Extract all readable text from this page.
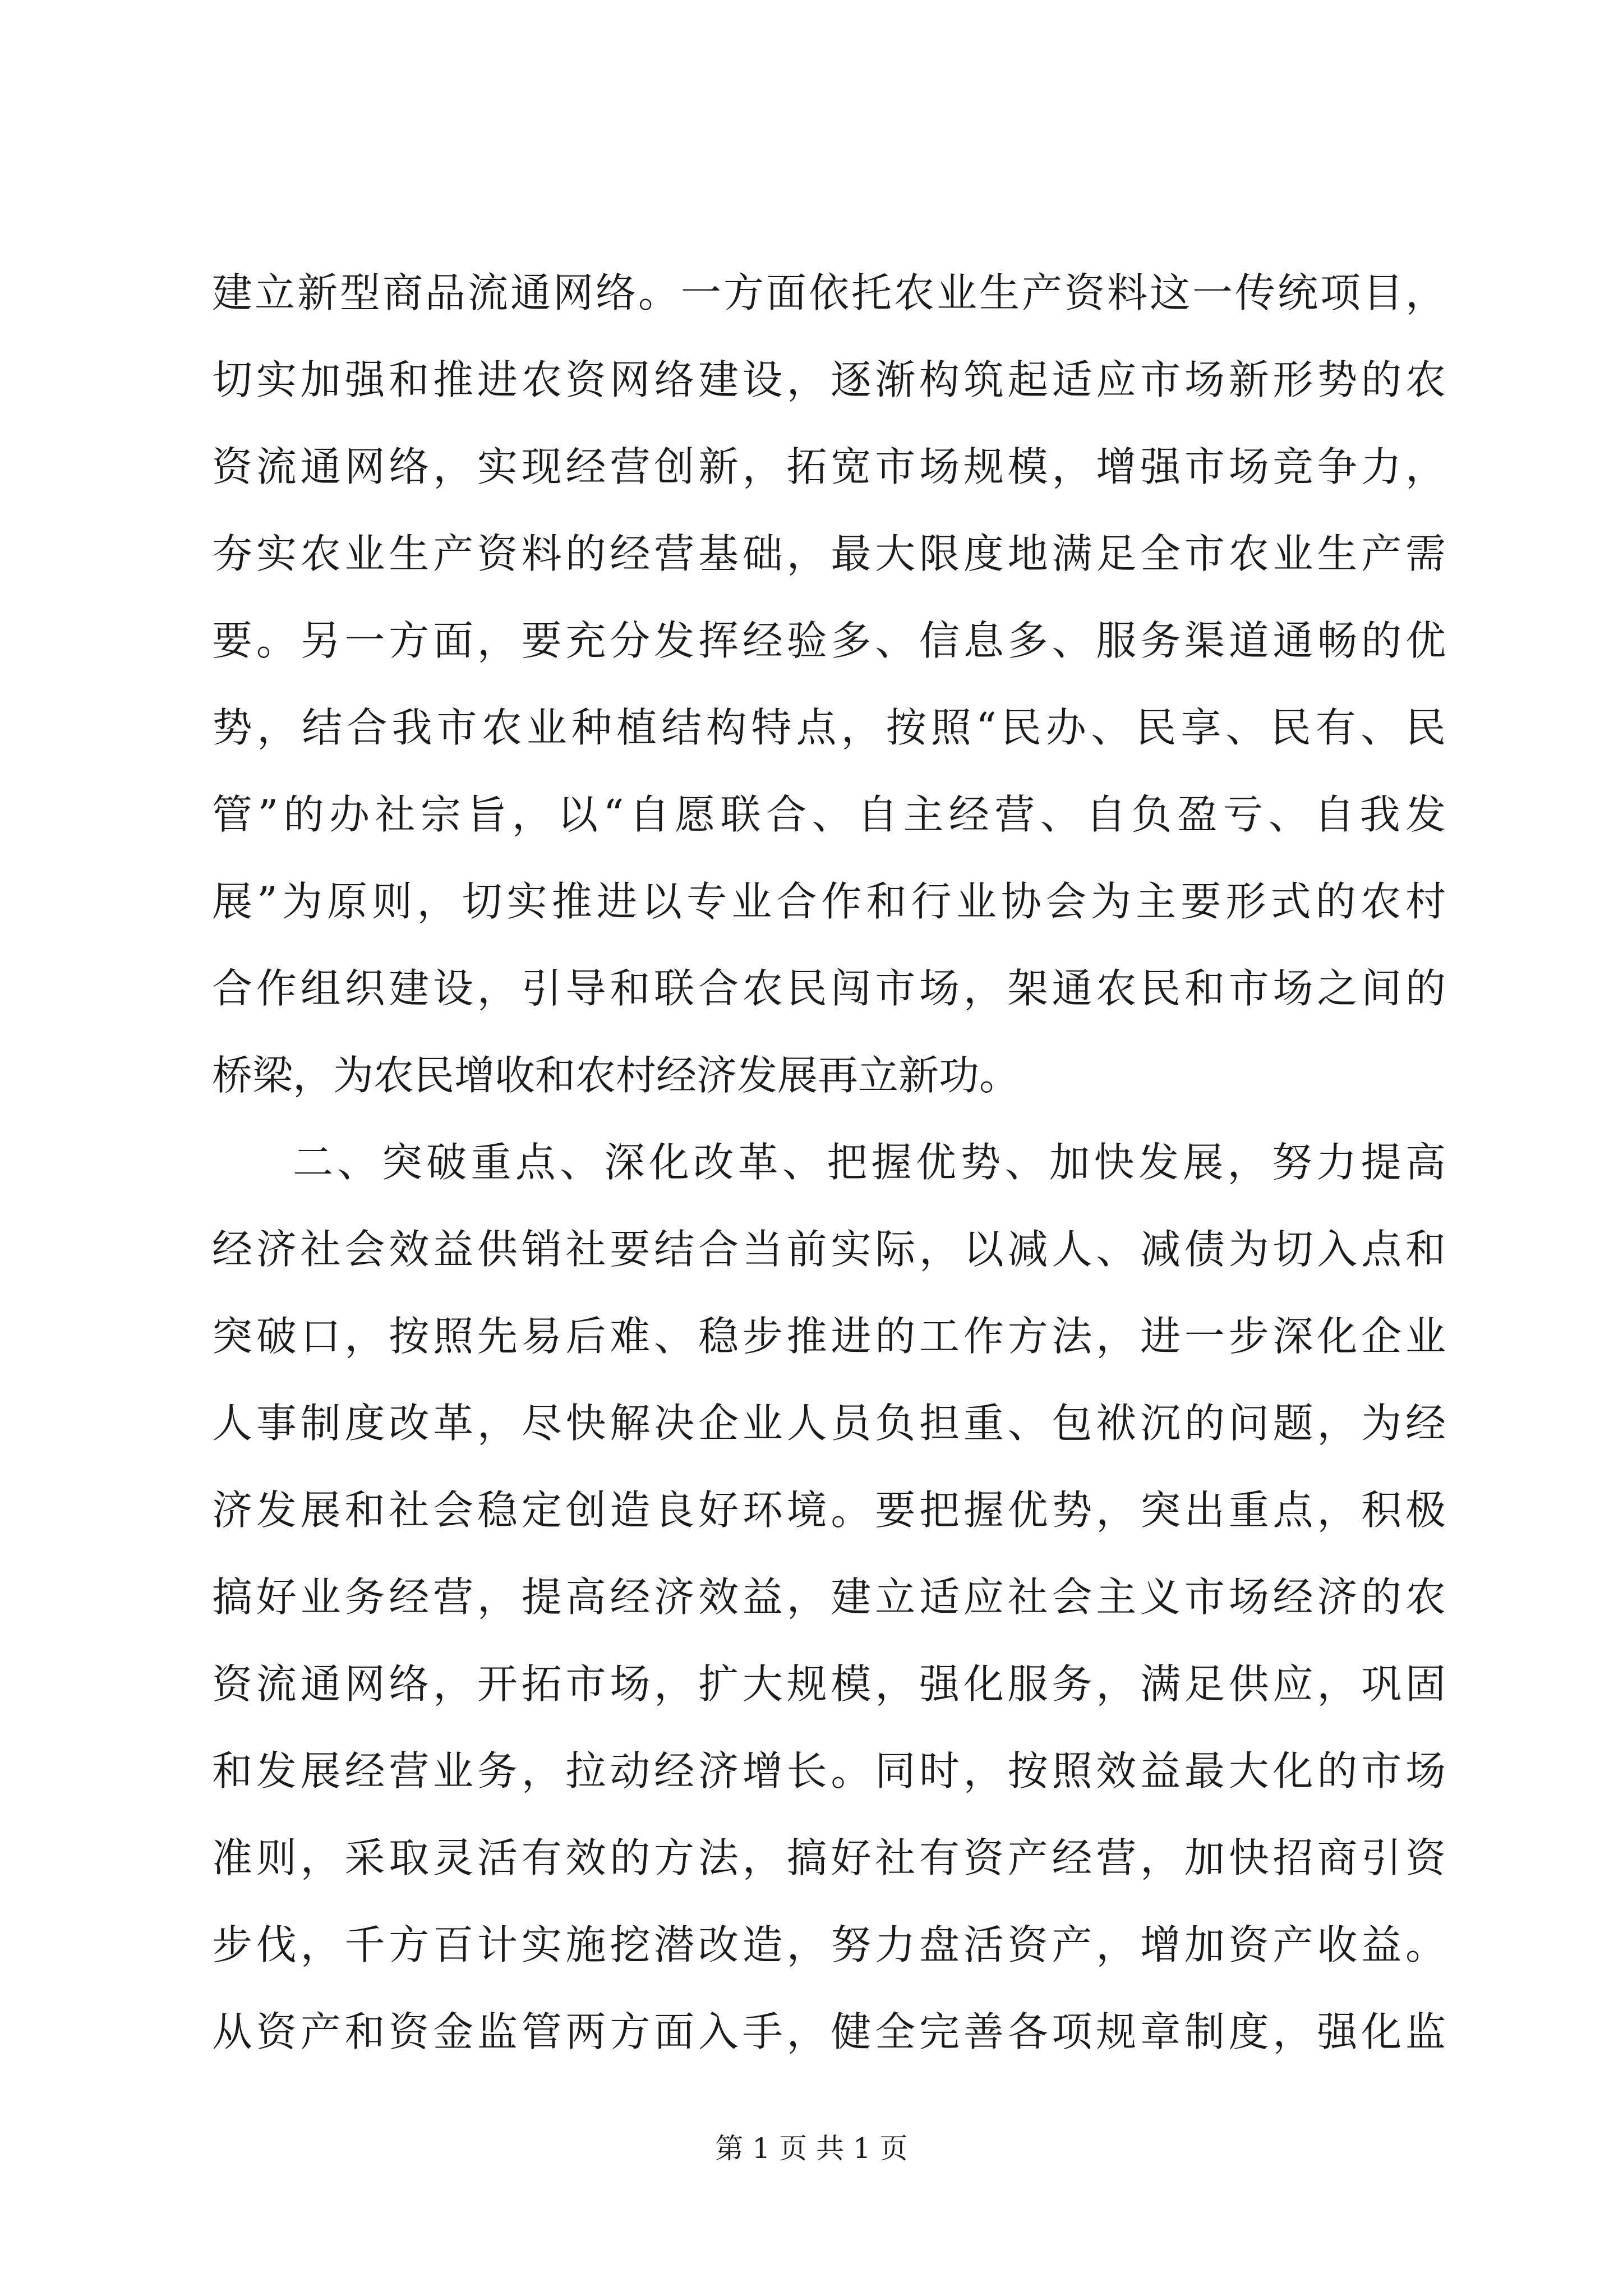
建立新型商品流通网络。一方面依托农业生产资料这一传统项目，
切实加强和推进农资网络建设，逐渐构筑起适应市场新形势的农
资流通网络，实现经营创新，拓宽市场规模，增强市场竞争力，
夯实农业生产资料的经营基础，最大限度地满足全市农业生产需
要。另一方面，要充分发挥经验多、信息多、服务渠道通畅的优
势，结合我市农业种植结构特点，按照“民办、民享、民有、民
管”的办社宗旨，以“自愿联合、自主经营、自负盈亏、自我发
展”为原则，切实推进以专业合作和行业协会为主要形式的农村
合作组织建设，引导和联合农民闯市场，架通农民和市场之间的
桥梁，为农民增收和农村经济发展再立新功。
二、突破重点、深化改革、把握优势、加快发展，努力提高
经济社会效益供销社要结合当前实际，以减人、减债为切入点和
突破口，按照先易后难、稳步推进的工作方法，进一步深化企业
人事制度改革，尽快解决企业人员负担重、包袱沉的问题，为经
济发展和社会稳定创造良好环境。要把握优势，突出重点，积极
搞好业务经营，提高经济效益，建立适应社会主义市场经济的农
资流通网络，开拓市场，扩大规模，强化服务，满足供应，巩固
和发展经营业务，拉动经济增长。同时，按照效益最大化的市场
准则，采取灵活有效的方法，搞好社有资产经营，加快招商引资
步伐，千方百计实施挖潜改造，努力盘活资产，增加资产收益。
从资产和资金监管两方面入手，健全完善各项规章制度，强化监
第 1 页 共 1 页
